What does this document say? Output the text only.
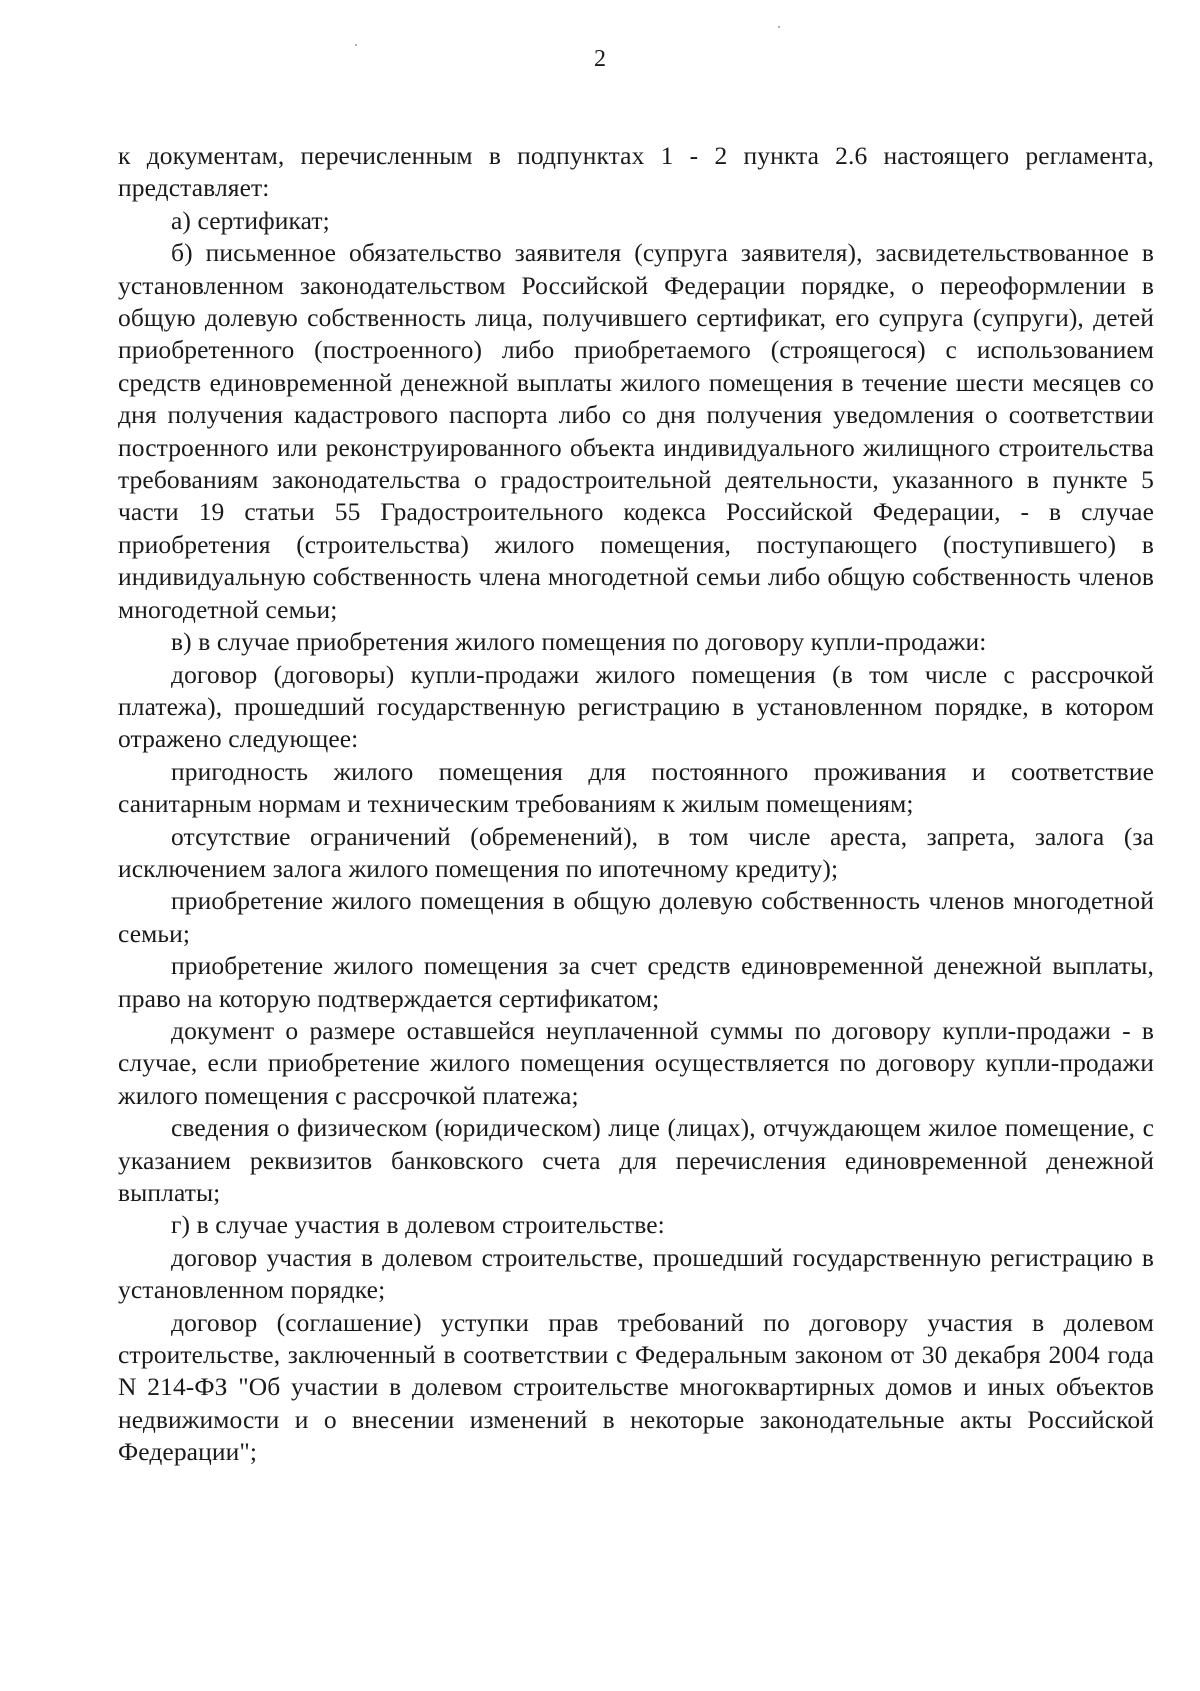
2

к документам, перечисленным в подпунктах 1 - 2 пункта 2.6 настоящего регламента, представляет:

а) сертификат;

б) письменное обязательство заявителя (супруга заявителя), засвидетельствованное в установленном законодательством Российской Федерации порядке, о переоформлении в общую долевую собственность лица, получившего сертификат, его супруга (супруги), детей приобретенного (построенного) либо приобретаемого (строящегося) с использованием средств единовременной денежной выплаты жилого помещения в течение шести месяцев со дня получения кадастрового паспорта либо со дня получения уведомления о соответствии построенного или реконструированного объекта индивидуального жилищного строительства требованиям законодательства о градостроительной деятельности, указанного в пункте 5 части 19 статьи 55 Градостроительного кодекса Российской Федерации, - в случае приобретения (строительства) жилого помещения, поступающего (поступившего) в индивидуальную собственность члена многодетной семьи либо общую собственность членов многодетной семьи;

в) в случае приобретения жилого помещения по договору купли-продажи:

договор (договоры) купли-продажи жилого помещения (в том числе с рассрочкой платежа), прошедший государственную регистрацию в установленном порядке, в котором отражено следующее:

пригодность жилого помещения для постоянного проживания и соответствие санитарным нормам и техническим требованиям к жилым помещениям;

отсутствие ограничений (обременений), в том числе ареста, запрета, залога (за исключением залога жилого помещения по ипотечному кредиту);

приобретение жилого помещения в общую долевую собственность членов многодетной семьи;

приобретение жилого помещения за счет средств единовременной денежной выплаты, право на которую подтверждается сертификатом;

документ о размере оставшейся неуплаченной суммы по договору купли-продажи - в случае, если приобретение жилого помещения осуществляется по договору купли-продажи жилого помещения с рассрочкой платежа;

сведения о физическом (юридическом) лице (лицах), отчуждающем жилое помещение, с указанием реквизитов банковского счета для перечисления единовременной денежной выплаты;

г) в случае участия в долевом строительстве:

договор участия в долевом строительстве, прошедший государственную регистрацию в установленном порядке;

договор (соглашение) уступки прав требований по договору участия в долевом строительстве, заключенный в соответствии с Федеральным законом от 30 декабря 2004 года N 214-ФЗ "Об участии в долевом строительстве многоквартирных домов и иных объектов недвижимости и о внесении изменений в некоторые законодательные акты Российской Федерации";
